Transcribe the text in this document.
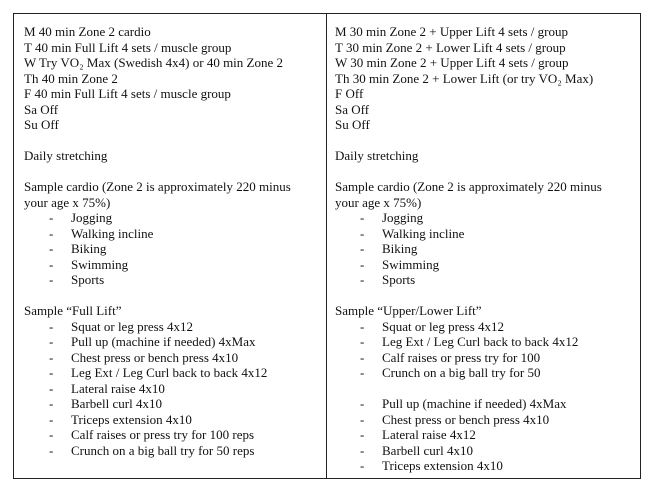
M 40 min Zone 2 cardio
T 40 min Full Lift 4 sets / muscle group
W Try VO₂ Max (Swedish 4x4) or 40 min Zone 2
Th 40 min Zone 2
F 40 min Full Lift 4 sets / muscle group
Sa Off
Su Off
Daily stretching
Sample cardio (Zone 2 is approximately 220 minus
your age x 75%)
-	Jogging
-	Walking incline
-	Biking
-	Swimming
-	Sports
Sample “Full Lift”
-	Squat or leg press 4x12
-	Pull up (machine if needed) 4xMax
-	Chest press or bench press 4x10
-	Leg Ext / Leg Curl back to back 4x12
-	Lateral raise 4x10
-	Barbell curl 4x10
-	Triceps extension 4x10
-	Calf raises or press try for 100 reps
-	Crunch on a big ball try for 50 reps
M 30 min Zone 2 + Upper Lift 4 sets / group
T 30 min Zone 2 + Lower Lift 4 sets / group
W 30 min Zone 2 + Upper Lift 4 sets / group
Th 30 min Zone 2 + Lower Lift (or try VO₂ Max)
F Off
Sa Off
Su Off
Daily stretching
Sample cardio (Zone 2 is approximately 220 minus
your age x 75%)
-	Jogging
-	Walking incline
-	Biking
-	Swimming
-	Sports
Sample “Upper/Lower Lift”
-	Squat or leg press 4x12
-	Leg Ext / Leg Curl back to back 4x12
-	Calf raises or press try for 100
-	Crunch on a big ball try for 50
-	Pull up (machine if needed) 4xMax
-	Chest press or bench press 4x10
-	Lateral raise 4x12
-	Barbell curl 4x10
-	Triceps extension 4x10
